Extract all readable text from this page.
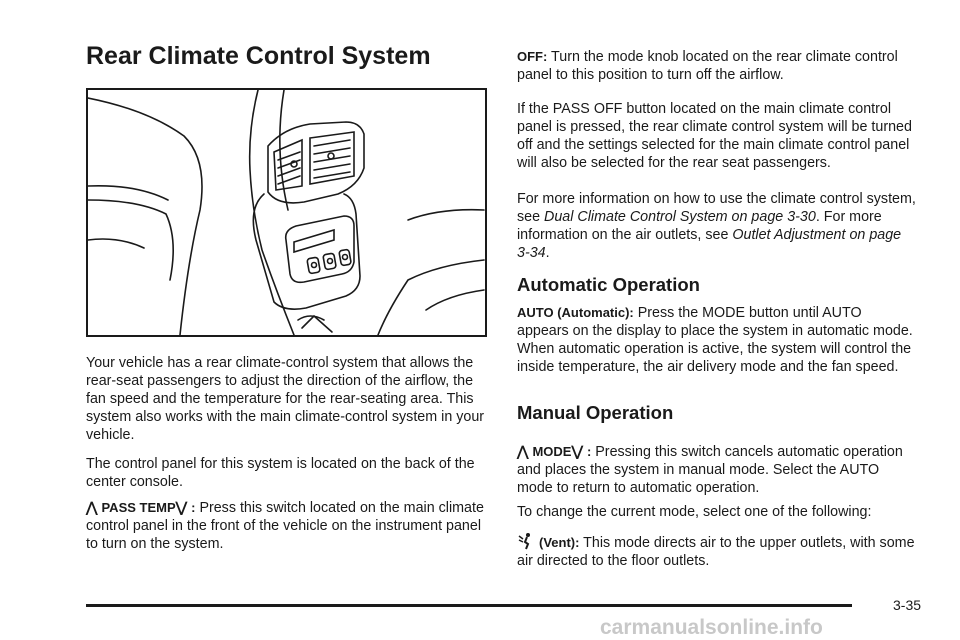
Rear Climate Control System

Your vehicle has a rear climate-control system that allows the rear-seat passengers to adjust the direction of the airflow, the fan speed and the temperature for the rear-seating area. This system also works with the main climate-control system in your vehicle.

The control panel for this system is located on the back of the center console.

⋀ PASS TEMP⋁ : Press this switch located on the main climate control panel in the front of the vehicle on the instrument panel to turn on the system.

OFF: Turn the mode knob located on the rear climate control panel to this position to turn off the airflow.

If the PASS OFF button located on the main climate control panel is pressed, the rear climate control system will be turned off and the settings selected for the main climate control panel will also be selected for the rear seat passengers.

For more information on how to use the climate control system, see Dual Climate Control System on page 3-30. For more information on the air outlets, see Outlet Adjustment on page 3-34.

Automatic Operation

AUTO (Automatic): Press the MODE button until AUTO appears on the display to place the system in automatic mode. When automatic operation is active, the system will control the inside temperature, the air delivery mode and the fan speed.

Manual Operation

⋀ MODE⋁ : Pressing this switch cancels automatic operation and places the system in manual mode. Select the AUTO mode to return to automatic operation.

To change the current mode, select one of the following:

(Vent): This mode directs air to the upper outlets, with some air directed to the floor outlets.

3-35
carmanualsonline.info
